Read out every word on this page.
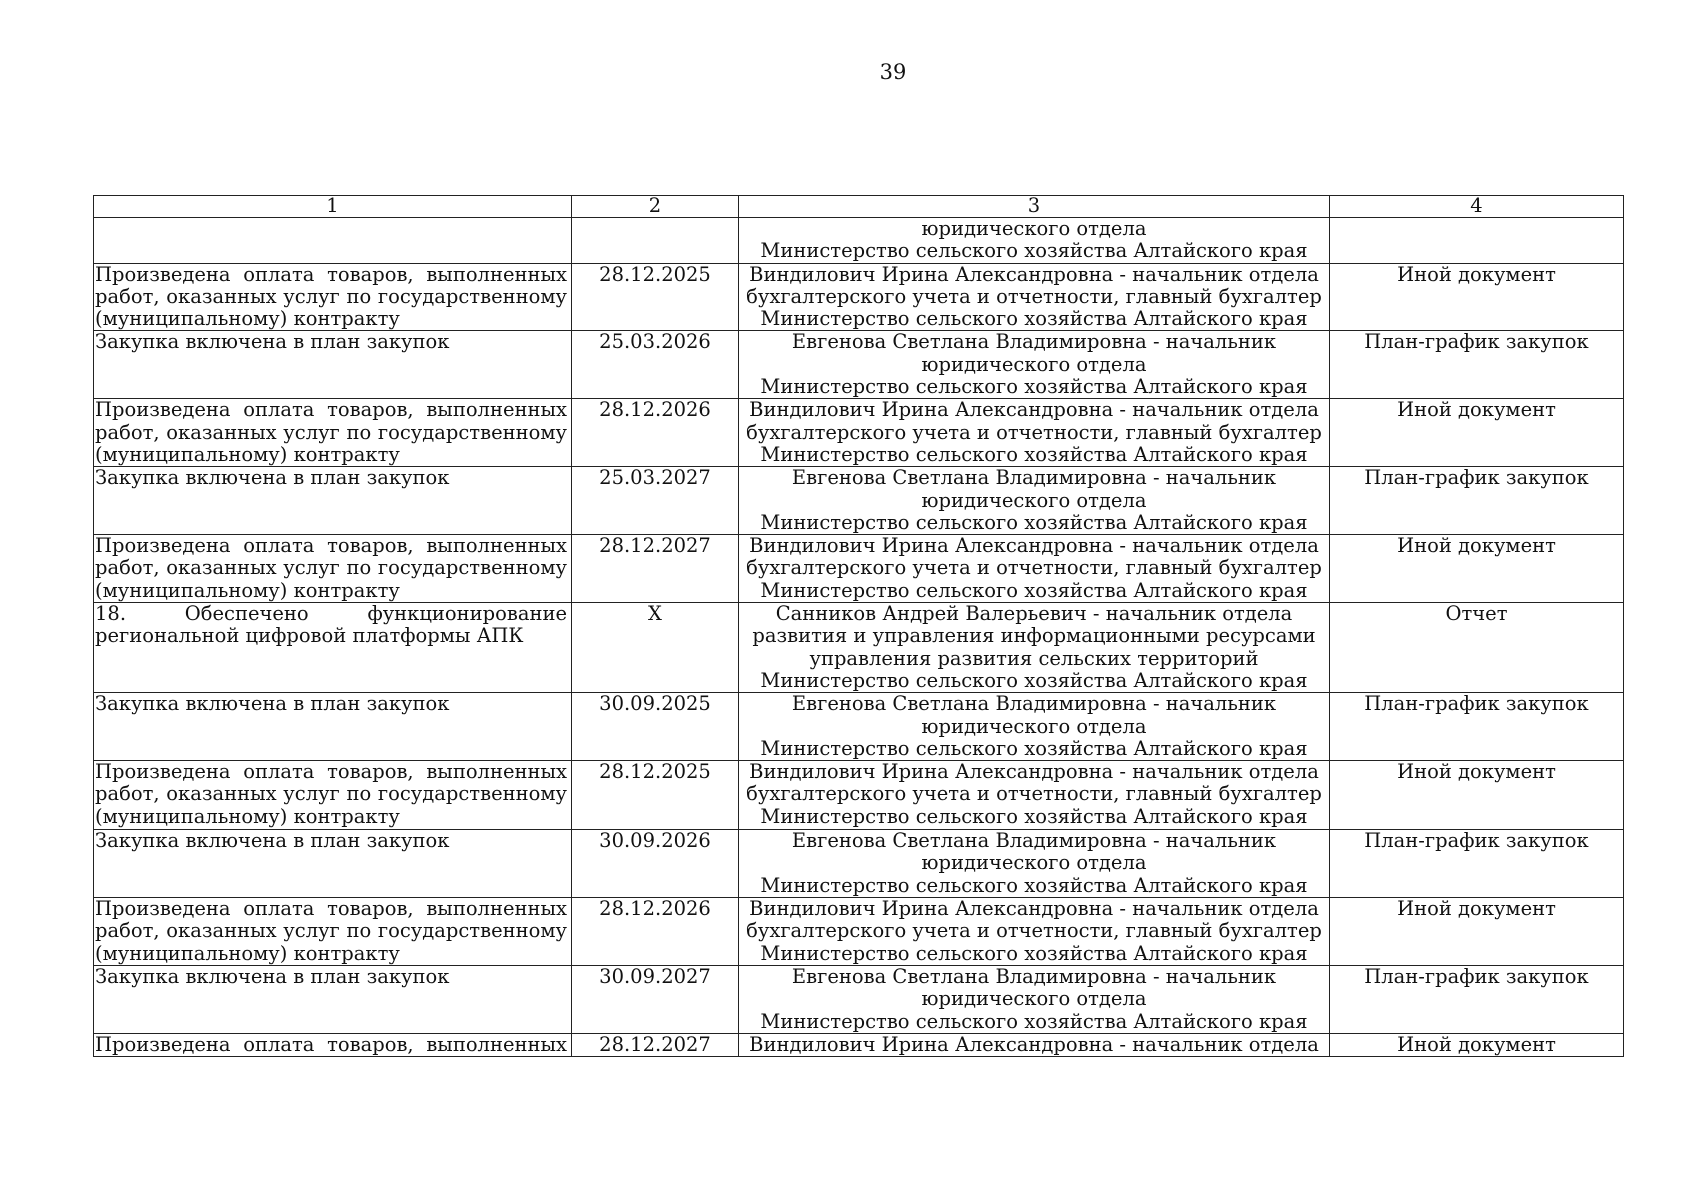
39
1	2	3	4

		юридического отдела
Министерство сельского хозяйства Алтайского края	

Произведена оплата товаров, выполненных
работ, оказанных услуг по государственному
(муниципальному) контракту	28.12.2025	Виндилович Ирина Александровна - начальник отдела
бухгалтерского учета и отчетности, главный бухгалтер
Министерство сельского хозяйства Алтайского края	Иной документ

Закупка включена в план закупок	25.03.2026	Евгенова Светлана Владимировна - начальник
юридического отдела
Министерство сельского хозяйства Алтайского края	План-график закупок

Произведена оплата товаров, выполненных
работ, оказанных услуг по государственному
(муниципальному) контракту	28.12.2026	Виндилович Ирина Александровна - начальник отдела
бухгалтерского учета и отчетности, главный бухгалтер
Министерство сельского хозяйства Алтайского края	Иной документ

Закупка включена в план закупок	25.03.2027	Евгенова Светлана Владимировна - начальник
юридического отдела
Министерство сельского хозяйства Алтайского края	План-график закупок

Произведена оплата товаров, выполненных
работ, оказанных услуг по государственному
(муниципальному) контракту	28.12.2027	Виндилович Ирина Александровна - начальник отдела
бухгалтерского учета и отчетности, главный бухгалтер
Министерство сельского хозяйства Алтайского края	Иной документ

18. Обеспечено функционирование
региональной цифровой платформы АПК	X	Санников Андрей Валерьевич - начальник отдела
развития и управления информационными ресурсами
управления развития сельских территорий
Министерство сельского хозяйства Алтайского края	Отчет

Закупка включена в план закупок	30.09.2025	Евгенова Светлана Владимировна - начальник
юридического отдела
Министерство сельского хозяйства Алтайского края	План-график закупок

Произведена оплата товаров, выполненных
работ, оказанных услуг по государственному
(муниципальному) контракту	28.12.2025	Виндилович Ирина Александровна - начальник отдела
бухгалтерского учета и отчетности, главный бухгалтер
Министерство сельского хозяйства Алтайского края	Иной документ

Закупка включена в план закупок	30.09.2026	Евгенова Светлана Владимировна - начальник
юридического отдела
Министерство сельского хозяйства Алтайского края	План-график закупок

Произведена оплата товаров, выполненных
работ, оказанных услуг по государственному
(муниципальному) контракту	28.12.2026	Виндилович Ирина Александровна - начальник отдела
бухгалтерского учета и отчетности, главный бухгалтер
Министерство сельского хозяйства Алтайского края	Иной документ

Закупка включена в план закупок	30.09.2027	Евгенова Светлана Владимировна - начальник
юридического отдела
Министерство сельского хозяйства Алтайского края	План-график закупок

Произведена оплата товаров, выполненных	28.12.2027	Виндилович Ирина Александровна - начальник отдела	Иной документ
